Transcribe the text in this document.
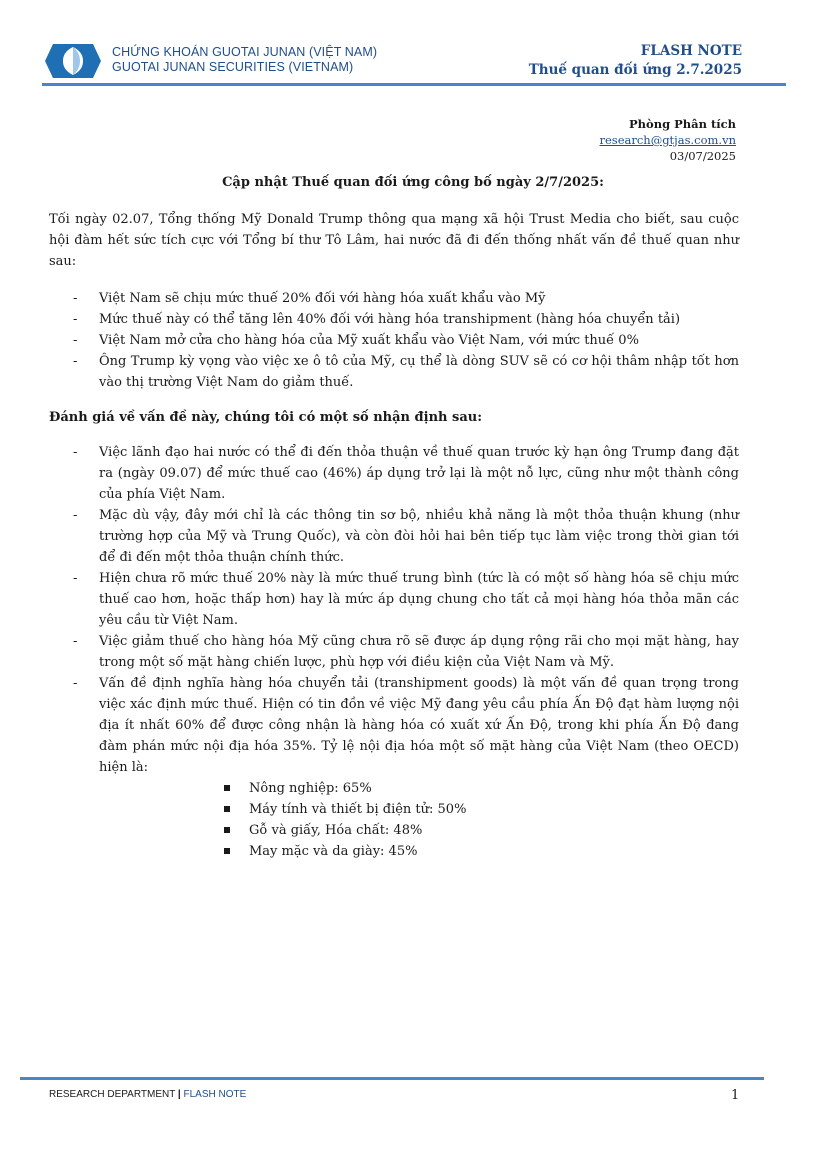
CHỨNG KHOÁN GUOTAI JUNAN (VIỆT NAM)
GUOTAI JUNAN SECURITIES (VIETNAM)
FLASH NOTE
Thuế quan đối ứng 2.7.2025
Phòng Phân tích
research@gtjas.com.vn
03/07/2025
Cập nhật Thuế quan đối ứng công bố ngày 2/7/2025:

Tối ngày 02.07, Tổng thống Mỹ Donald Trump thông qua mạng xã hội Trust Media cho biết, sau cuộc hội đàm hết sức tích cực với Tổng bí thư Tô Lâm, hai nước đã đi đến thống nhất vấn đề thuế quan như sau:

- Việt Nam sẽ chịu mức thuế 20% đối với hàng hóa xuất khẩu vào Mỹ
- Mức thuế này có thể tăng lên 40% đối với hàng hóa transhipment (hàng hóa chuyển tải)
- Việt Nam mở cửa cho hàng hóa của Mỹ xuất khẩu vào Việt Nam, với mức thuế 0%
- Ông Trump kỳ vọng vào việc xe ô tô của Mỹ, cụ thể là dòng SUV sẽ có cơ hội thâm nhập tốt hơn vào thị trường Việt Nam do giảm thuế.

Đánh giá về vấn đề này, chúng tôi có một số nhận định sau:

- Việc lãnh đạo hai nước có thể đi đến thỏa thuận về thuế quan trước kỳ hạn ông Trump đang đặt ra (ngày 09.07) để mức thuế cao (46%) áp dụng trở lại là một nỗ lực, cũng như một thành công của phía Việt Nam.
- Mặc dù vậy, đây mới chỉ là các thông tin sơ bộ, nhiều khả năng là một thỏa thuận khung (như trường hợp của Mỹ và Trung Quốc), và còn đòi hỏi hai bên tiếp tục làm việc trong thời gian tới để đi đến một thỏa thuận chính thức.
- Hiện chưa rõ mức thuế 20% này là mức thuế trung bình (tức là có một số hàng hóa sẽ chịu mức thuế cao hơn, hoặc thấp hơn) hay là mức áp dụng chung cho tất cả mọi hàng hóa thỏa mãn các yêu cầu từ Việt Nam.
- Việc giảm thuế cho hàng hóa Mỹ cũng chưa rõ sẽ được áp dụng rộng rãi cho mọi mặt hàng, hay trong một số mặt hàng chiến lược, phù hợp với điều kiện của Việt Nam và Mỹ.
- Vấn đề định nghĩa hàng hóa chuyển tải (transhipment goods) là một vấn đề quan trọng trong việc xác định mức thuế. Hiện có tin đồn về việc Mỹ đang yêu cầu phía Ấn Độ đạt hàm lượng nội địa ít nhất 60% để được công nhận là hàng hóa có xuất xứ Ấn Độ, trong khi phía Ấn Độ đang đàm phán mức nội địa hóa 35%. Tỷ lệ nội địa hóa một số mặt hàng của Việt Nam (theo OECD) hiện là:
Nông nghiệp: 65%
Máy tính và thiết bị điện tử: 50%
Gỗ và giấy, Hóa chất: 48%
May mặc và da giày: 45%
RESEARCH DEPARTMENT | FLASH NOTE	1
